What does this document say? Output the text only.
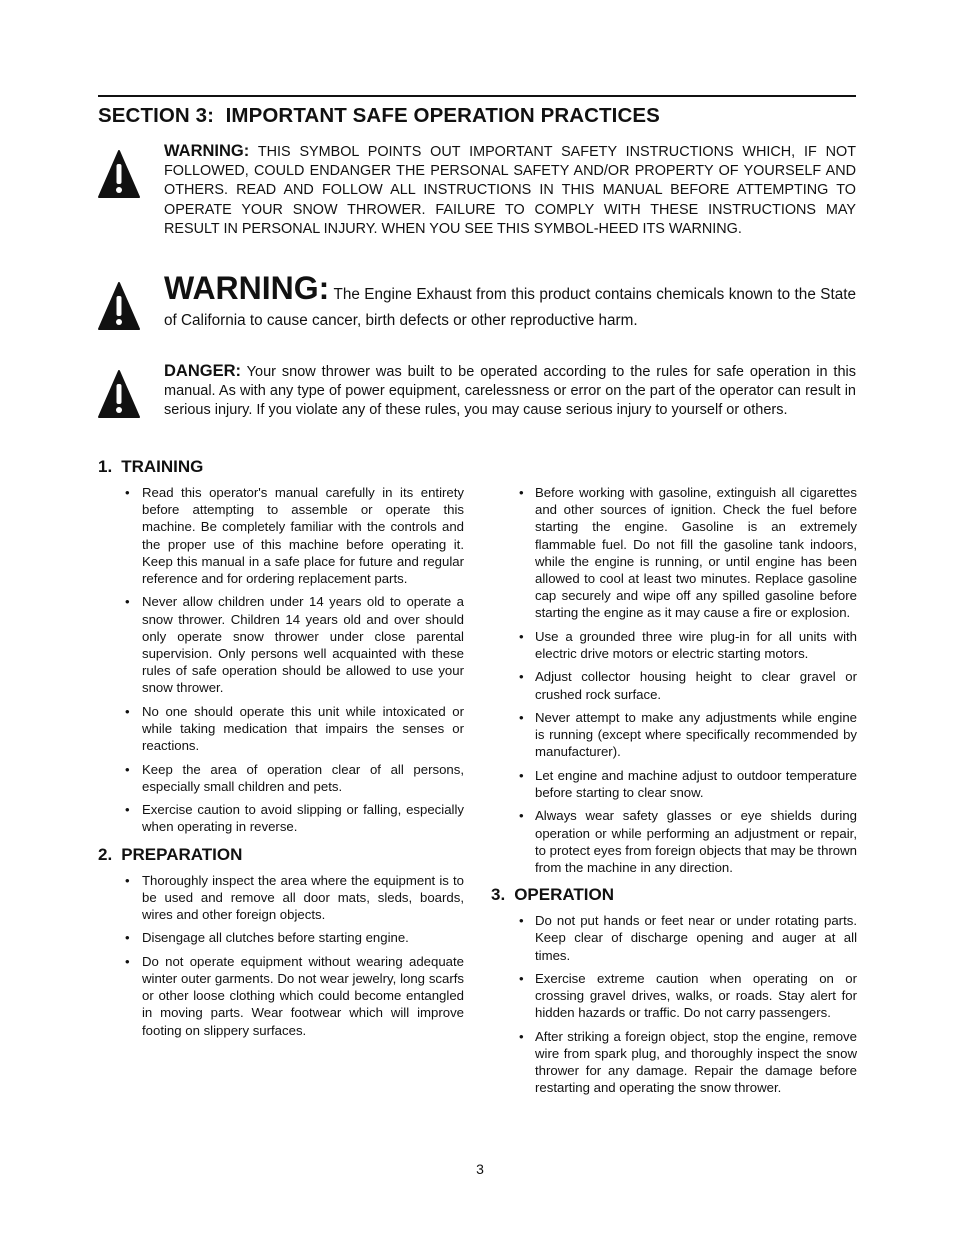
SECTION 3:  IMPORTANT SAFE OPERATION PRACTICES
WARNING: THIS SYMBOL POINTS OUT IMPORTANT SAFETY INSTRUCTIONS WHICH, IF NOT FOLLOWED, COULD ENDANGER THE PERSONAL SAFETY AND/OR PROPERTY OF YOURSELF AND OTHERS. READ AND FOLLOW ALL INSTRUCTIONS IN THIS MANUAL BEFORE ATTEMPTING TO OPERATE YOUR SNOW THROWER. FAILURE TO COMPLY WITH THESE INSTRUCTIONS MAY RESULT IN PERSONAL INJURY. WHEN YOU SEE THIS SYMBOL-HEED ITS WARNING.
WARNING: The Engine Exhaust from this product contains chemicals known to the State of California to cause cancer, birth defects or other reproductive harm.
DANGER: Your snow thrower was built to be operated according to the rules for safe operation in this manual. As with any type of power equipment, carelessness or error on the part of the operator can result in serious injury. If you violate any of these rules, you may cause serious injury to yourself or others.
1. TRAINING
• Read this operator's manual carefully in its entirety before attempting to assemble or operate this machine. Be completely familiar with the controls and the proper use of this machine before operating it. Keep this manual in a safe place for future and regular reference and for ordering replacement parts.
• Never allow children under 14 years old to operate a snow thrower. Children 14 years old and over should only operate snow thrower under close parental supervision. Only persons well acquainted with these rules of safe operation should be allowed to use your snow thrower.
• No one should operate this unit while intoxicated or while taking medication that impairs the senses or reactions.
• Keep the area of operation clear of all persons, especially small children and pets.
• Exercise caution to avoid slipping or falling, especially when operating in reverse.
2. PREPARATION
• Thoroughly inspect the area where the equipment is to be used and remove all door mats, sleds, boards, wires and other foreign objects.
• Disengage all clutches before starting engine.
• Do not operate equipment without wearing adequate winter outer garments. Do not wear jewelry, long scarfs or other loose clothing which could become entangled in moving parts. Wear footwear which will improve footing on slippery surfaces.
• Before working with gasoline, extinguish all cigarettes and other sources of ignition. Check the fuel before starting the engine. Gasoline is an extremely flammable fuel. Do not fill the gasoline tank indoors, while the engine is running, or until engine has been allowed to cool at least two minutes. Replace gasoline cap securely and wipe off any spilled gasoline before starting the engine as it may cause a fire or explosion.
• Use a grounded three wire plug-in for all units with electric drive motors or electric starting motors.
• Adjust collector housing height to clear gravel or crushed rock surface.
• Never attempt to make any adjustments while engine is running (except where specifically recommended by manufacturer).
• Let engine and machine adjust to outdoor temperature before starting to clear snow.
• Always wear safety glasses or eye shields during operation or while performing an adjustment or repair, to protect eyes from foreign objects that may be thrown from the machine in any direction.
3. OPERATION
• Do not put hands or feet near or under rotating parts. Keep clear of discharge opening and auger at all times.
• Exercise extreme caution when operating on or crossing gravel drives, walks, or roads. Stay alert for hidden hazards or traffic. Do not carry passengers.
• After striking a foreign object, stop the engine, remove wire from spark plug, and thoroughly inspect the snow thrower for any damage. Repair the damage before restarting and operating the snow thrower.
3
